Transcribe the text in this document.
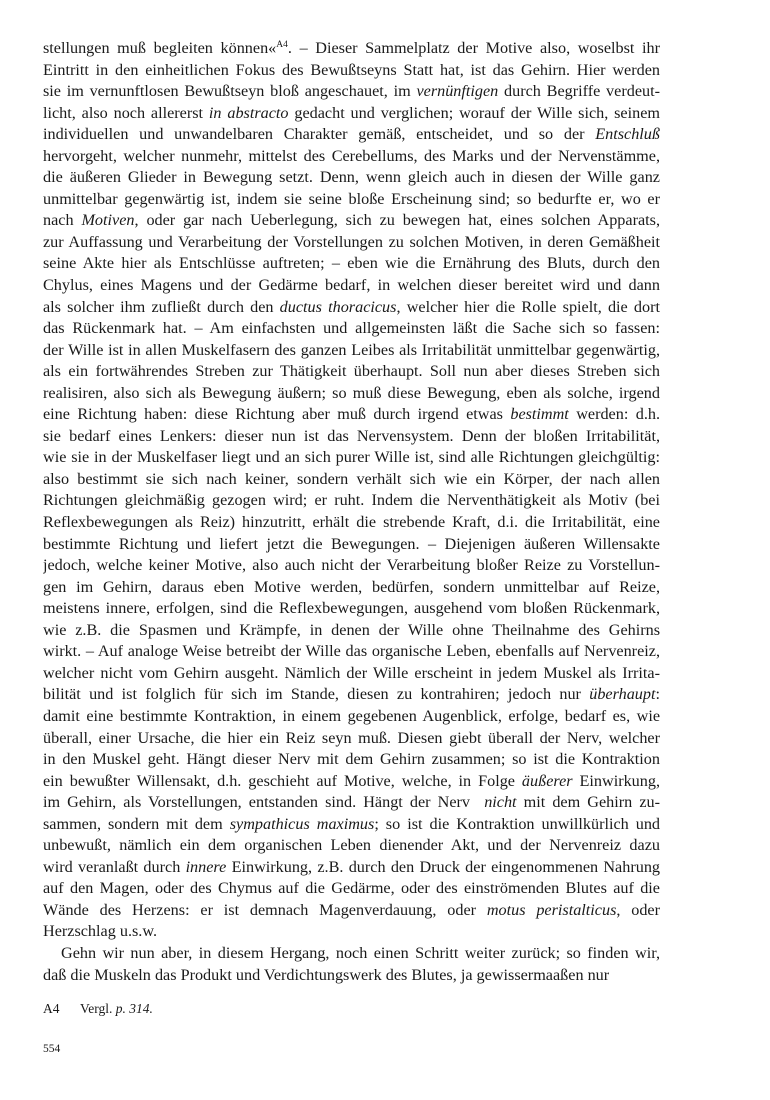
stellungen muß begleiten können«$^{A4}$. – Dieser Sammelplatz der Motive also, woselbst ihr
Eintritt in den einheitlichen Fokus des Bewußtseyns Statt hat, ist das Gehirn. Hier werden
sie im vernunftlosen Bewußtseyn bloß angeschauet, im vernünftigen durch Begriffe verdeut-
licht, also noch allererst in abstracto gedacht und verglichen; worauf der Wille sich, seinem
individuellen und unwandelbaren Charakter gemäß, entscheidet, und so der Entschluß
hervorgeht, welcher nunmehr, mittelst des Cerebellums, des Marks und der Nervenstämme,
die äußeren Glieder in Bewegung setzt. Denn, wenn gleich auch in diesen der Wille ganz
unmittelbar gegenwärtig ist, indem sie seine bloße Erscheinung sind; so bedurfte er, wo er
nach Motiven, oder gar nach Ueberlegung, sich zu bewegen hat, eines solchen Apparats,
zur Auffassung und Verarbeitung der Vorstellungen zu solchen Motiven, in deren Gemäßheit
seine Akte hier als Entschlüsse auftreten; – eben wie die Ernährung des Bluts, durch den
Chylus, eines Magens und der Gedärme bedarf, in welchen dieser bereitet wird und dann
als solcher ihm zufließt durch den ductus thoracicus, welcher hier die Rolle spielt, die dort
das Rückenmark hat. – Am einfachsten und allgemeinsten läßt die Sache sich so fassen:
der Wille ist in allen Muskelfasern des ganzen Leibes als Irritabilität unmittelbar gegenwärtig,
als ein fortwährendes Streben zur Thätigkeit überhaupt. Soll nun aber dieses Streben sich
realisiren, also sich als Bewegung äußern; so muß diese Bewegung, eben als solche, irgend
eine Richtung haben: diese Richtung aber muß durch irgend etwas bestimmt werden: d.h.
sie bedarf eines Lenkers: dieser nun ist das Nervensystem. Denn der bloßen Irritabilität,
wie sie in der Muskelfaser liegt und an sich purer Wille ist, sind alle Richtungen gleichgültig:
also bestimmt sie sich nach keiner, sondern verhält sich wie ein Körper, der nach allen
Richtungen gleichmäßig gezogen wird; er ruht. Indem die Nerventhätigkeit als Motiv (bei
Reflexbewegungen als Reiz) hinzutritt, erhält die strebende Kraft, d.i. die Irritabilität, eine
bestimmte Richtung und liefert jetzt die Bewegungen. – Diejenigen äußeren Willensakte
jedoch, welche keiner Motive, also auch nicht der Verarbeitung bloßer Reize zu Vorstellun-
gen im Gehirn, daraus eben Motive werden, bedürfen, sondern unmittelbar auf Reize,
meistens innere, erfolgen, sind die Reflexbewegungen, ausgehend vom bloßen Rückenmark,
wie z.B. die Spasmen und Krämpfe, in denen der Wille ohne Theilnahme des Gehirns
wirkt. – Auf analoge Weise betreibt der Wille das organische Leben, ebenfalls auf Nervenreiz,
welcher nicht vom Gehirn ausgeht. Nämlich der Wille erscheint in jedem Muskel als Irrita-
bilität und ist folglich für sich im Stande, diesen zu kontrahiren; jedoch nur überhaupt:
damit eine bestimmte Kontraktion, in einem gegebenen Augenblick, erfolge, bedarf es, wie
überall, einer Ursache, die hier ein Reiz seyn muß. Diesen giebt überall der Nerv, welcher
in den Muskel geht. Hängt dieser Nerv mit dem Gehirn zusammen; so ist die Kontraktion
ein bewußter Willensakt, d.h. geschieht auf Motive, welche, in Folge äußerer Einwirkung,
im Gehirn, als Vorstellungen, entstanden sind. Hängt der Nerv  nicht mit dem Gehirn zu-
sammen, sondern mit dem sympathicus maximus; so ist die Kontraktion unwillkürlich und
unbewußt, nämlich ein dem organischen Leben dienender Akt, und der Nervenreiz dazu
wird veranlaßt durch innere Einwirkung, z.B. durch den Druck der eingenommenen Nahrung
auf den Magen, oder des Chymus auf die Gedärme, oder des einströmenden Blutes auf die
Wände des Herzens: er ist demnach Magenverdauung, oder motus peristalticus, oder
Herzschlag u.s.w.
Gehn wir nun aber, in diesem Hergang, noch einen Schritt weiter zurück; so finden wir,
daß die Muskeln das Produkt und Verdichtungswerk des Blutes, ja gewissermaaßen nur
A4 Vergl. p. 314.
554
